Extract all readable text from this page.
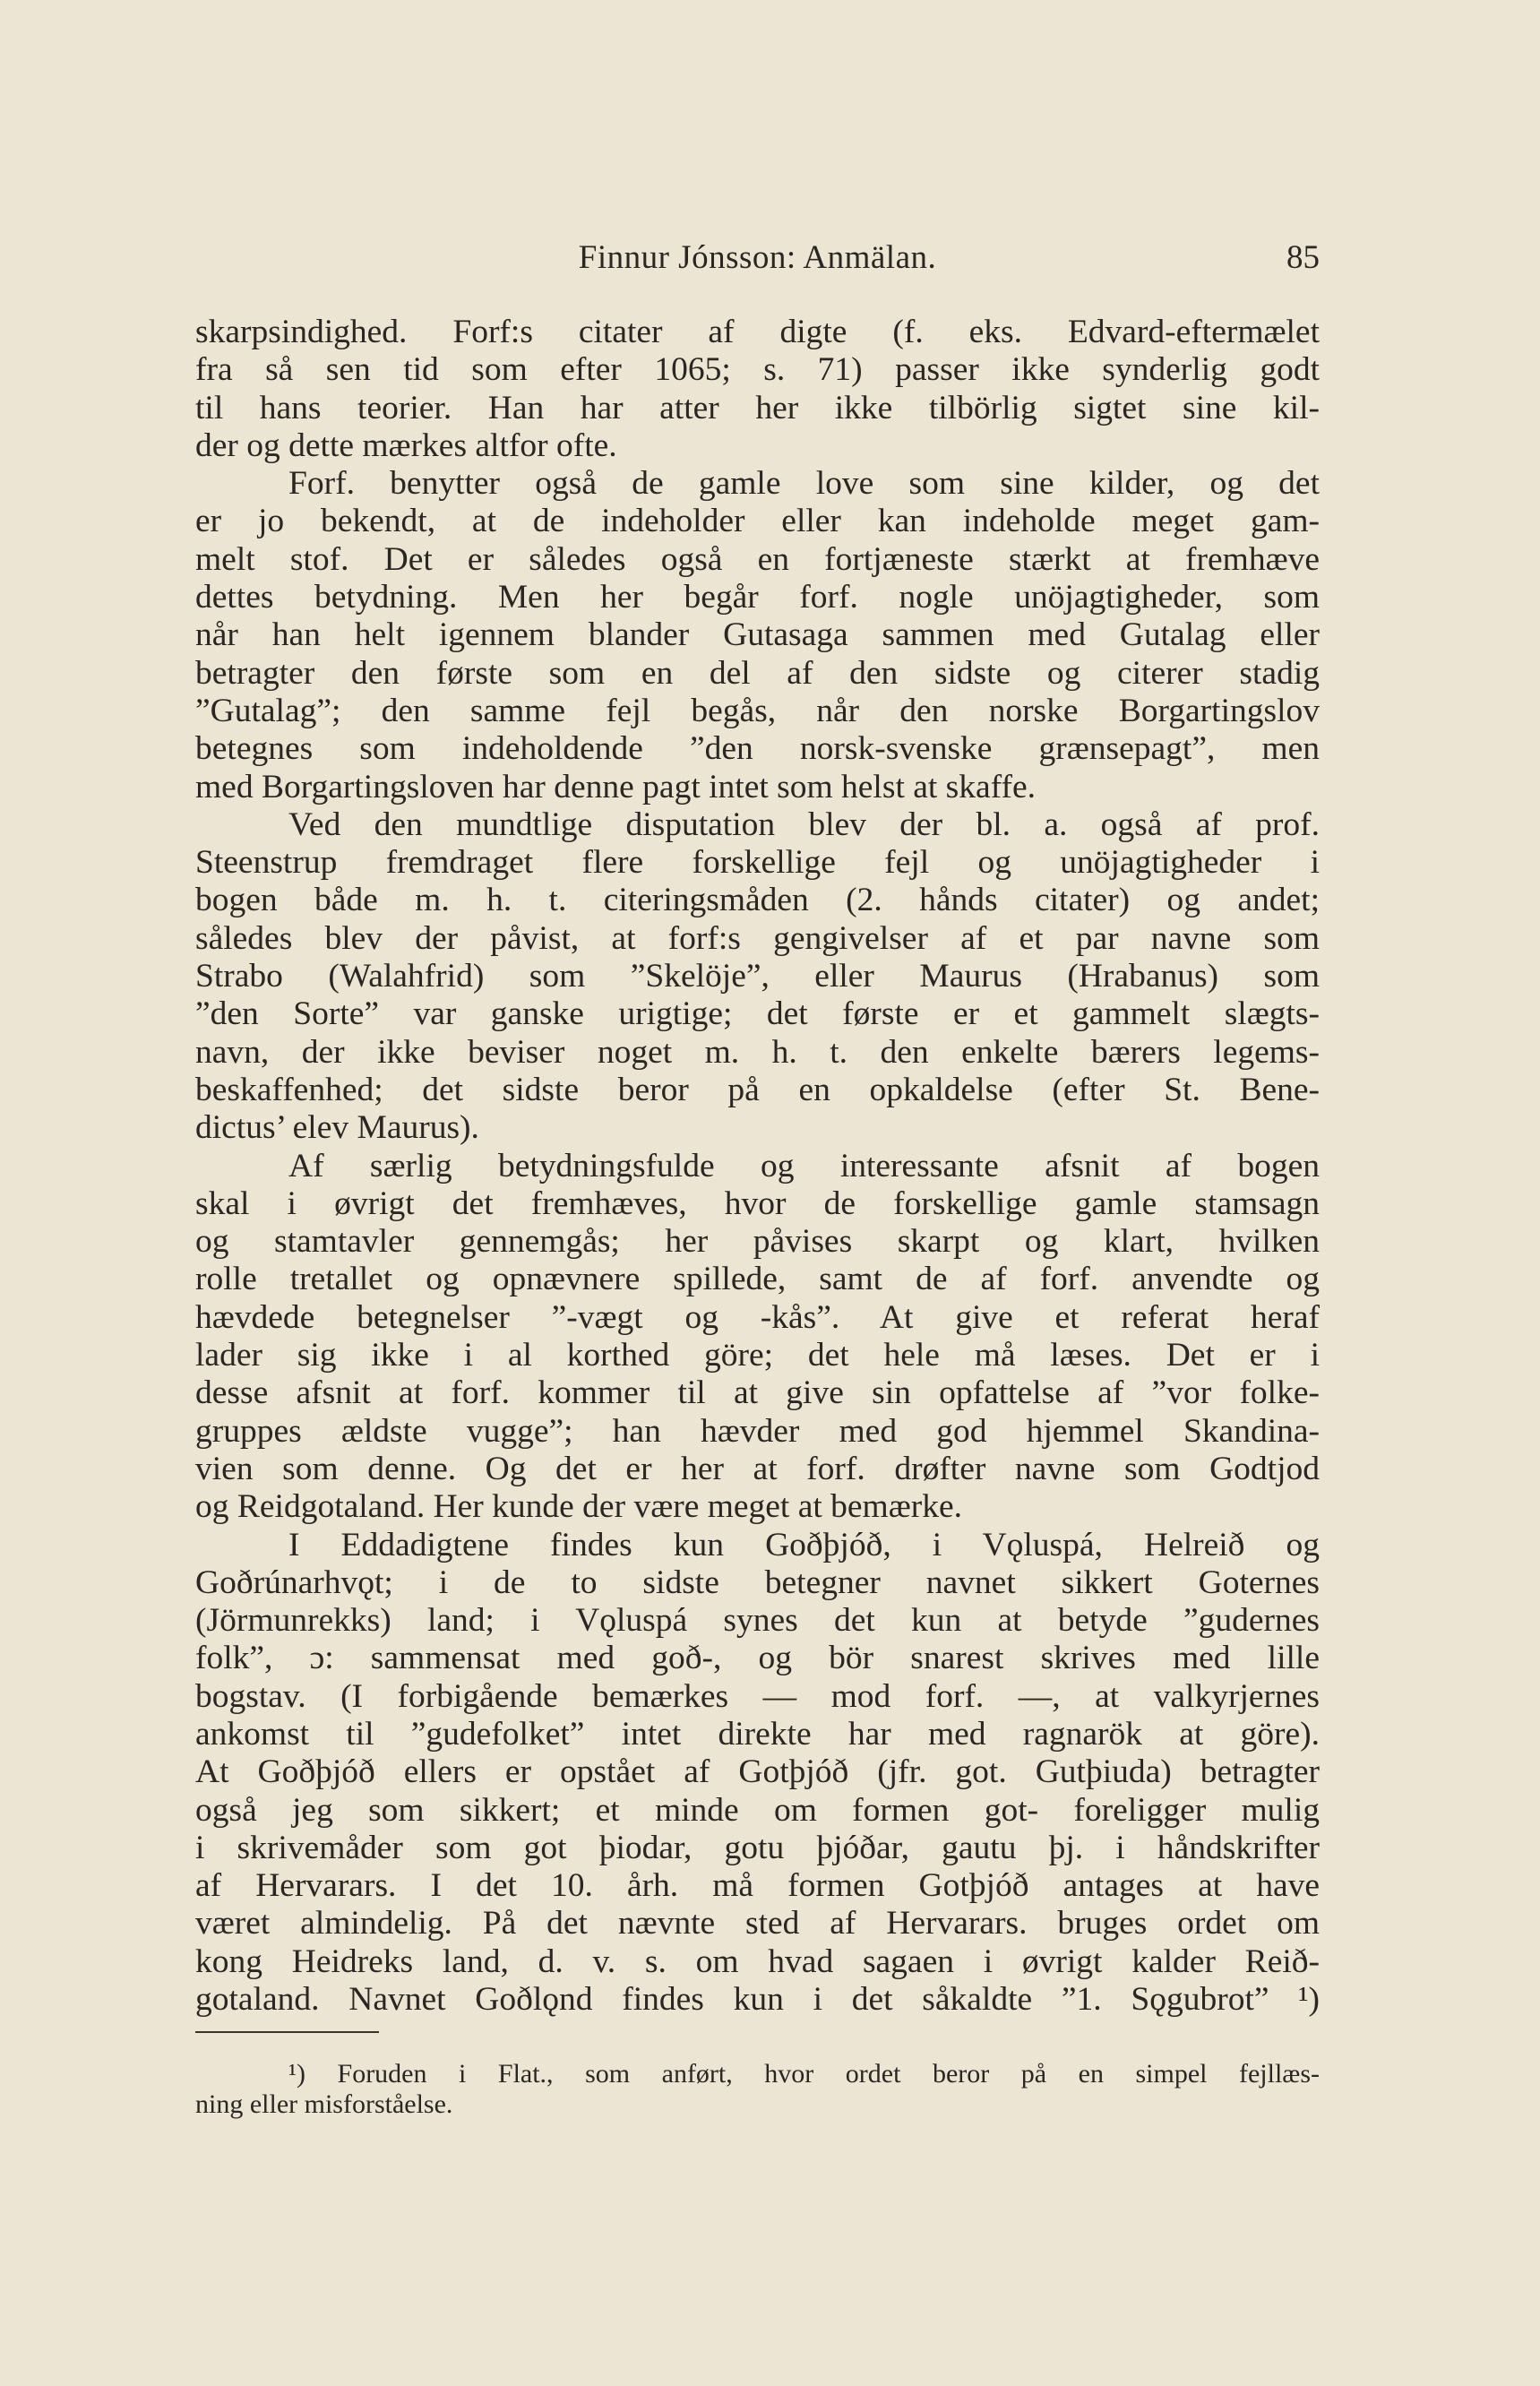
Finnur Jónsson: Anmälan.	85
skarpsindighed. Forf:s citater af digte (f. eks. Edvard-eftermælet
fra så sen tid som efter 1065; s. 71) passer ikke synderlig godt
til hans teorier. Han har atter her ikke tilbörlig sigtet sine kil-
der og dette mærkes altfor ofte.
Forf. benytter også de gamle love som sine kilder, og det
er jo bekendt, at de indeholder eller kan indeholde meget gam-
melt stof. Det er således også en fortjæneste stærkt at fremhæve
dettes betydning. Men her begår forf. nogle unöjagtigheder, som
når han helt igennem blander Gutasaga sammen med Gutalag eller
betragter den første som en del af den sidste og citerer stadig
”Gutalag”; den samme fejl begås, når den norske Borgartingslov
betegnes som indeholdende ”den norsk-svenske grænsepagt”, men
med Borgartingsloven har denne pagt intet som helst at skaffe.
Ved den mundtlige disputation blev der bl. a. også af prof.
Steenstrup fremdraget flere forskellige fejl og unöjagtigheder i
bogen både m. h. t. citeringsmåden (2. hånds citater) og andet;
således blev der påvist, at forf:s gengivelser af et par navne som
Strabo (Walahfrid) som ”Skelöje”, eller Maurus (Hrabanus) som
”den Sorte” var ganske urigtige; det første er et gammelt slægts-
navn, der ikke beviser noget m. h. t. den enkelte bærers legems-
beskaffenhed; det sidste beror på en opkaldelse (efter St. Bene-
dictus’ elev Maurus).
Af særlig betydningsfulde og interessante afsnit af bogen
skal i øvrigt det fremhæves, hvor de forskellige gamle stamsagn
og stamtavler gennemgås; her påvises skarpt og klart, hvilken
rolle tretallet og opnævnere spillede, samt de af forf. anvendte og
hævdede betegnelser ”-vægt og -kås”. At give et referat heraf
lader sig ikke i al korthed göre; det hele må læses. Det er i
desse afsnit at forf. kommer til at give sin opfattelse af ”vor folke-
gruppes ældste vugge”; han hævder med god hjemmel Skandina-
vien som denne. Og det er her at forf. drøfter navne som Godtjod
og Reidgotaland. Her kunde der være meget at bemærke.
I Eddadigtene findes kun Goðþjóð, i Vǫluspá, Helreið og
Goðrúnarhvǫt; i de to sidste betegner navnet sikkert Goternes
(Jörmunrekks) land; i Vǫluspá synes det kun at betyde ”gudernes
folk”, ɔ: sammensat med goð-, og bör snarest skrives med lille
bogstav. (I forbigående bemærkes — mod forf. —, at valkyrjernes
ankomst til ”gudefolket” intet direkte har med ragnarök at göre).
At Goðþjóð ellers er opstået af Gotþjóð (jfr. got. Gutþiuda) betragter
også jeg som sikkert; et minde om formen got- foreligger mulig
i skrivemåder som got þiodar, gotu þjóðar, gautu þj. i håndskrifter
af Hervarars. I det 10. årh. må formen Gotþjóð antages at have
været almindelig. På det nævnte sted af Hervarars. bruges ordet om
kong Heidreks land, d. v. s. om hvad sagaen i øvrigt kalder Reið-
gotaland. Navnet Goðlǫnd findes kun i det såkaldte ”1. Sǫgubrot” ¹)
¹) Foruden i Flat., som anført, hvor ordet beror på en simpel fejllæs-
ning eller misforståelse.
